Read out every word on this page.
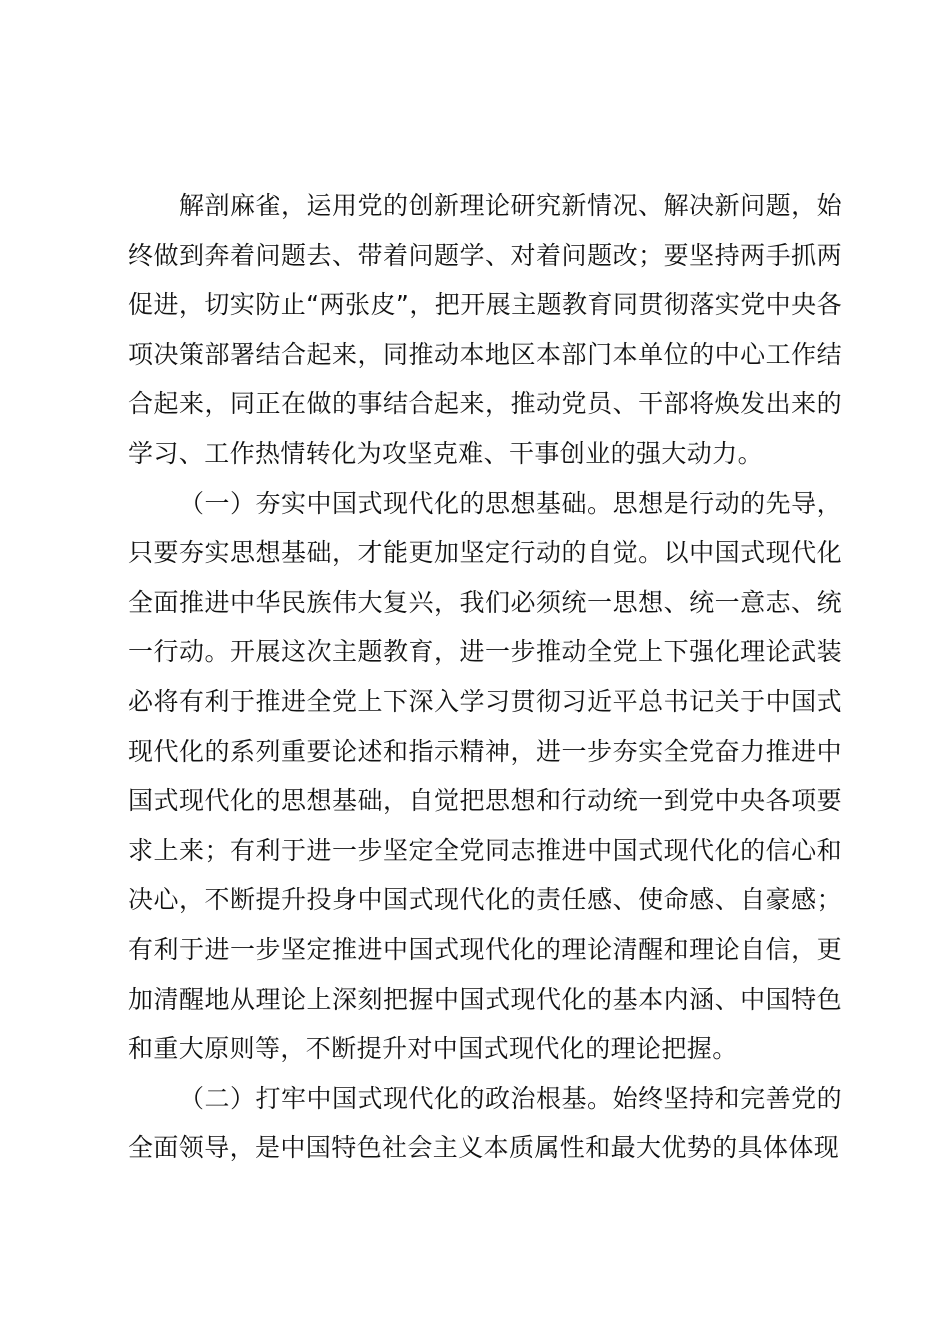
解剖麻雀，运用党的创新理论研究新情况、解决新问题，始终做到奔着问题去、带着问题学、对着问题改；要坚持两手抓两促进，切实防止“两张皮”，把开展主题教育同贯彻落实党中央各项决策部署结合起来，同推动本地区本部门本单位的中心工作结合起来，同正在做的事结合起来，推动党员、干部将焕发出来的学习、工作热情转化为攻坚克难、干事创业的强大动力。

（一）夯实中国式现代化的思想基础。思想是行动的先导，只要夯实思想基础，才能更加坚定行动的自觉。以中国式现代化全面推进中华民族伟大复兴，我们必须统一思想、统一意志、统一行动。开展这次主题教育，进一步推动全党上下强化理论武装必将有利于推进全党上下深入学习贯彻习近平总书记关于中国式现代化的系列重要论述和指示精神，进一步夯实全党奋力推进中国式现代化的思想基础，自觉把思想和行动统一到党中央各项要求上来；有利于进一步坚定全党同志推进中国式现代化的信心和决心，不断提升投身中国式现代化的责任感、使命感、自豪感；有利于进一步坚定推进中国式现代化的理论清醒和理论自信，更加清醒地从理论上深刻把握中国式现代化的基本内涵、中国特色和重大原则等，不断提升对中国式现代化的理论把握。

（二）打牢中国式现代化的政治根基。始终坚持和完善党的全面领导，是中国特色社会主义本质属性和最大优势的具体体现
